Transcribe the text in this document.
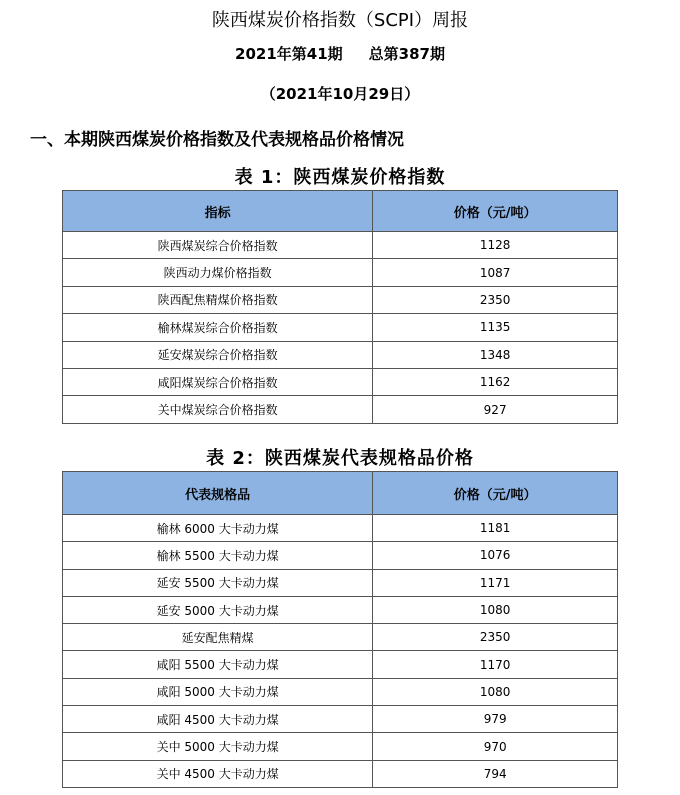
陕西煤炭价格指数（SCPI）周报
2021年第41期 总第387期
（2021年10月29日）
一、本期陕西煤炭价格指数及代表规格品价格情况
表 1：陕西煤炭价格指数
指标	价格（元/吨）
陕西煤炭综合价格指数	1128
陕西动力煤价格指数	1087
陕西配焦精煤价格指数	2350
榆林煤炭综合价格指数	1135
延安煤炭综合价格指数	1348
咸阳煤炭综合价格指数	1162
关中煤炭综合价格指数	927
表 2：陕西煤炭代表规格品价格
代表规格品	价格（元/吨）
榆林 6000 大卡动力煤	1181
榆林 5500 大卡动力煤	1076
延安 5500 大卡动力煤	1171
延安 5000 大卡动力煤	1080
延安配焦精煤	2350
咸阳 5500 大卡动力煤	1170
咸阳 5000 大卡动力煤	1080
咸阳 4500 大卡动力煤	979
关中 5000 大卡动力煤	970
关中 4500 大卡动力煤	794
